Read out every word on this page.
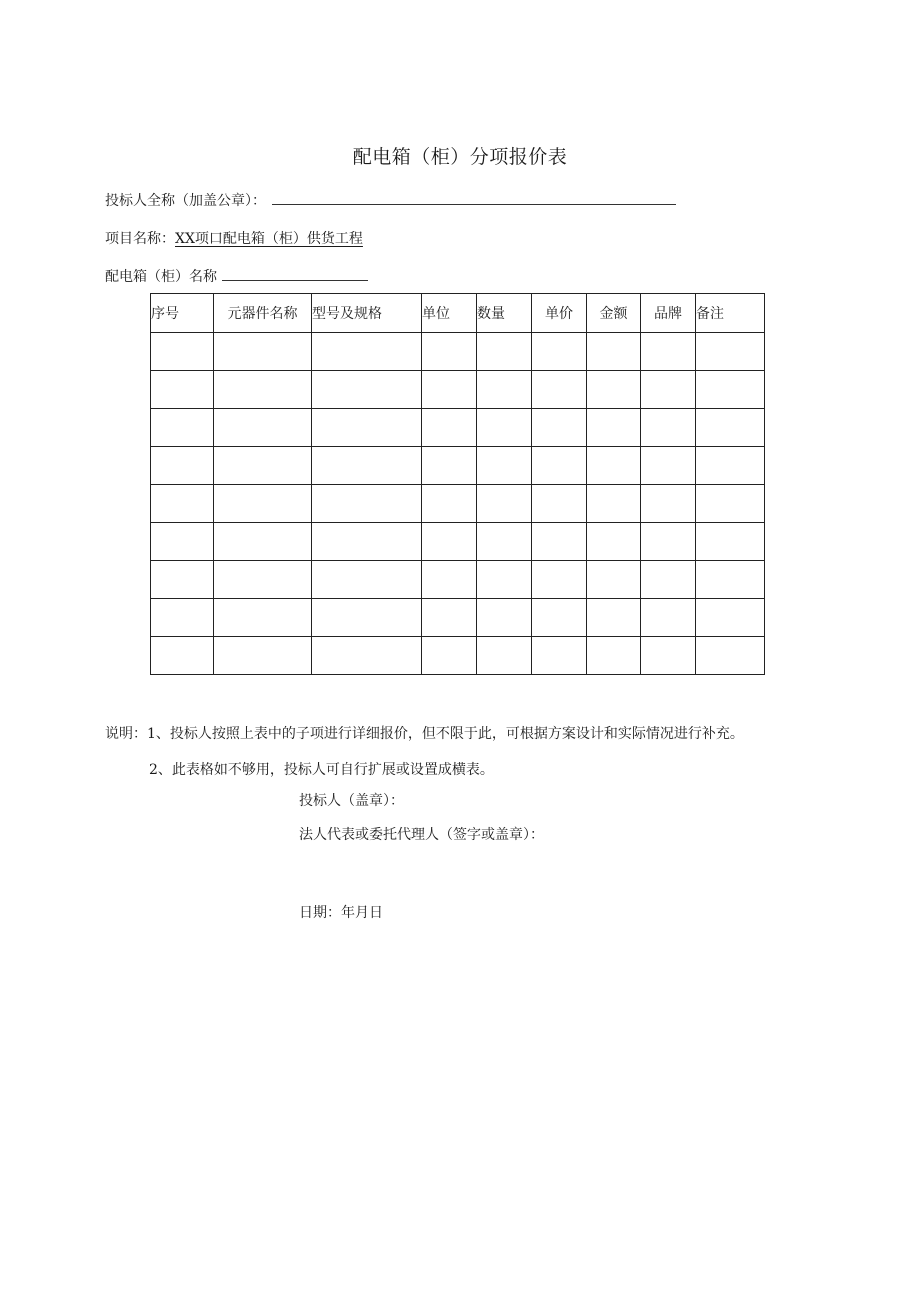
配电箱（柜）分项报价表
投标人全称（加盖公章）：
项目名称：XX项口配电箱（柜）供货工程
配电箱（柜）名称
序号	元器件名称	型号及规格	单位	数量	单价	金额	品牌	备注

说明：1、投标人按照上表中的子项进行详细报价，但不限于此，可根据方案设计和实际情况进行补充。
2、此表格如不够用，投标人可自行扩展或设置成横表。
投标人（盖章）：
法人代表或委托代理人（签字或盖章）：
日期：年月日
